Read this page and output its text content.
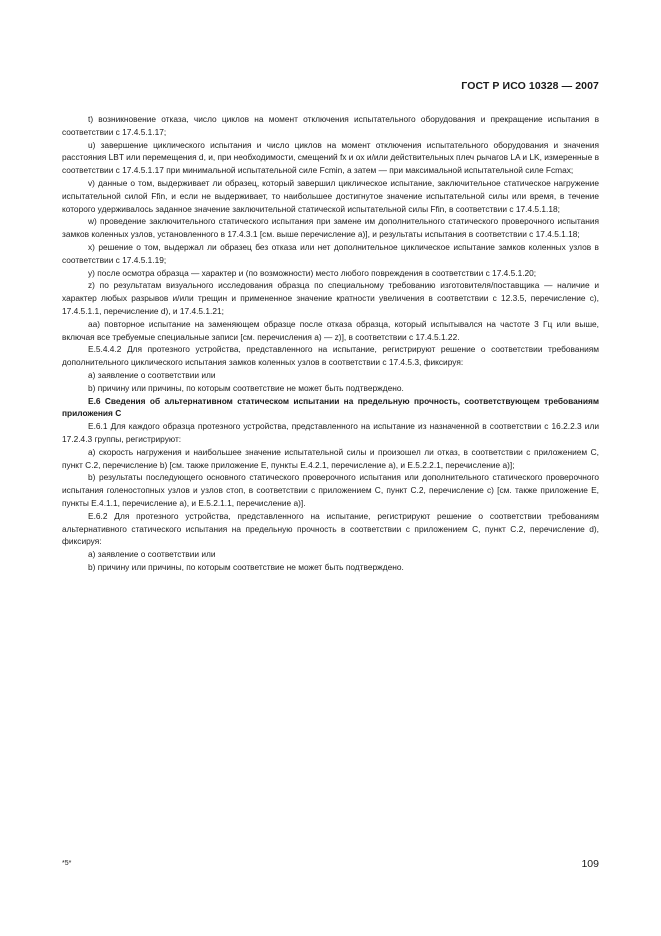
ГОСТ Р ИСО 10328 — 2007

t) возникновение отказа, число циклов на момент отключения испытательного оборудования и прекращение испытания в соответствии с 17.4.5.1.17;

u) завершение циклического испытания и число циклов на момент отключения испытательного оборудования и значения расстояния LBT или перемещения d, и, при необходимости, смещений fx и ox и/или действительных плеч рычагов LA и LK, измеренные в соответствии с 17.4.5.1.17 при минимальной испытательной силе Fcmin, а затем — при максимальной испытательной силе Fcmax;

v) данные о том, выдерживает ли образец, который завершил циклическое испытание, заключительное статическое нагружение испытательной силой Ffin, и если не выдерживает, то наибольшее достигнутое значение испытательной силы или время, в течение которого удерживалось заданное значение заключительной статической испытательной силы Ffin, в соответствии с 17.4.5.1.18;

w) проведение заключительного статического испытания при замене им дополнительного статического проверочного испытания замков коленных узлов, установленного в 17.4.3.1 [см. выше перечисление a)], и результаты испытания в соответствии с 17.4.5.1.18;

x) решение о том, выдержал ли образец без отказа или нет дополнительное циклическое испытание замков коленных узлов в соответствии с 17.4.5.1.19;

y) после осмотра образца — характер и (по возможности) место любого повреждения в соответствии с 17.4.5.1.20;

z) по результатам визуального исследования образца по специальному требованию изготовителя/поставщика — наличие и характер любых разрывов и/или трещин и примененное значение кратности увеличения в соответствии с 12.3.5, перечисление c), 17.4.5.1.1, перечисление d), и 17.4.5.1.21;

aa) повторное испытание на заменяющем образце после отказа образца, который испытывался на частоте 3 Гц или выше, включая все требуемые специальные записи [см. перечисления a) — z)], в соответствии с 17.4.5.1.22.

E.5.4.4.2 Для протезного устройства, представленного на испытание, регистрируют решение о соответствии требованиям дополнительного циклического испытания замков коленных узлов в соответствии с 17.4.5.3, фиксируя:

a) заявление о соответствии или

b) причину или причины, по которым соответствие не может быть подтверждено.

E.6 Сведения об альтернативном статическом испытании на предельную прочность, соответствующем требованиям приложения С

E.6.1 Для каждого образца протезного устройства, представленного на испытание из назначенной в соответствии с 16.2.2.3 или 17.2.4.3 группы, регистрируют:

a) скорость нагружения и наибольшее значение испытательной силы и произошел ли отказ, в соответствии с приложением С, пункт С.2, перечисление b) [см. также приложение E, пункты E.4.2.1, перечисление a), и E.5.2.2.1, перечисление a)];

b) результаты последующего основного статического проверочного испытания или дополнительного статического проверочного испытания голеностопных узлов и узлов стоп, в соответствии с приложением С, пункт С.2, перечисление c) [см. также приложение E, пункты E.4.1.1, перечисление a), и E.5.2.1.1, перечисление a)].

E.6.2 Для протезного устройства, представленного на испытание, регистрируют решение о соответствии требованиям альтернативного статического испытания на предельную прочность в соответствии с приложением С, пункт С.2, перечисление d), фиксируя:

a) заявление о соответствии или

b) причину или причины, по которым соответствие не может быть подтверждено.

*5*	109
